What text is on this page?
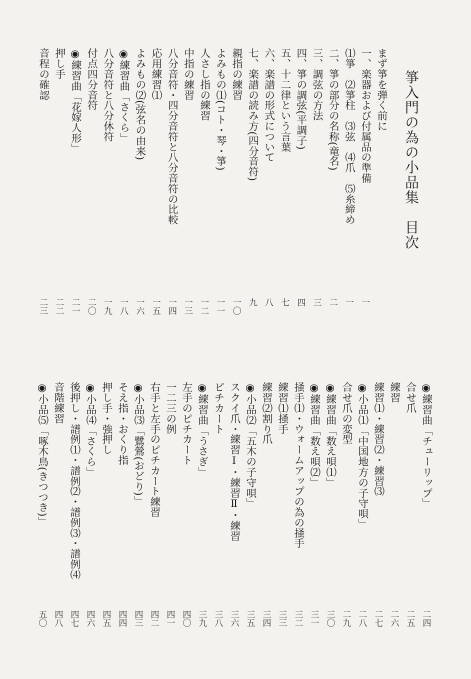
箏入門の為の小品集　目次
まず箏を弾く前に
一、楽器および付属品の準備
一
⑴箏　⑵箏柱　⑶弦　⑷爪　⑸糸締め
一
二、箏の部分の名称(竜名)
二
三、調弦の方法
三
四、箏の調弦(平調子)
四
五、十二律という言葉
七
六、楽譜の形式について
八
七、楽譜の読み方(四分音符)
九
親指の練習
一〇
よみもの⑴(コト・琴・箏)
一一
人さし指の練習
一二
中指の練習
一三
八分音符・四分音符と八分音符の比較
一四
応用練習⑴
一五
よみもの⑵(弦名の由来)
一六
◉練習曲「さくら」
一八
八分音符と八分休符
一九
付点四分音符
二〇
◉練習曲「花嫁人形」
二一
押し手
二二
音程の確認
二三
◉練習曲「チューリップ」
二四
合せ爪
二五
練習
二六
練習⑴・練習⑵・練習⑶
二七
◉小品⑴「中国地方の子守唄」
二八
合せ爪の変型
二九
◉練習曲「数え唄⑴」
三〇
◉練習曲「数え唄⑵」
三一
掻手⑴・ウォームアップの為の掻手
三二
練習⑴掻手
三三
練習⑵割り爪
三四
◉小品⑵「五木の子守唄」
三五
スクイ爪・練習Ⅰ・練習Ⅱ・練習
三六
ピチカート
三八
◉練習曲「うさぎ」
三九
左手のピチカート
四〇
一二三の例
四一
右手と左手のピチカート練習
四二
◉小品⑶「鷺鶯(おどり)」
四三
そえ指・おくり指
四四
押し手・強押し
四五
◉小品⑷「さくら」
四六
後押し・譜例⑴・譜例⑵・譜例⑶・譜例⑷
四七
音階練習
四八
◉小品⑸「啄木鳥(きつつき)」
五〇
